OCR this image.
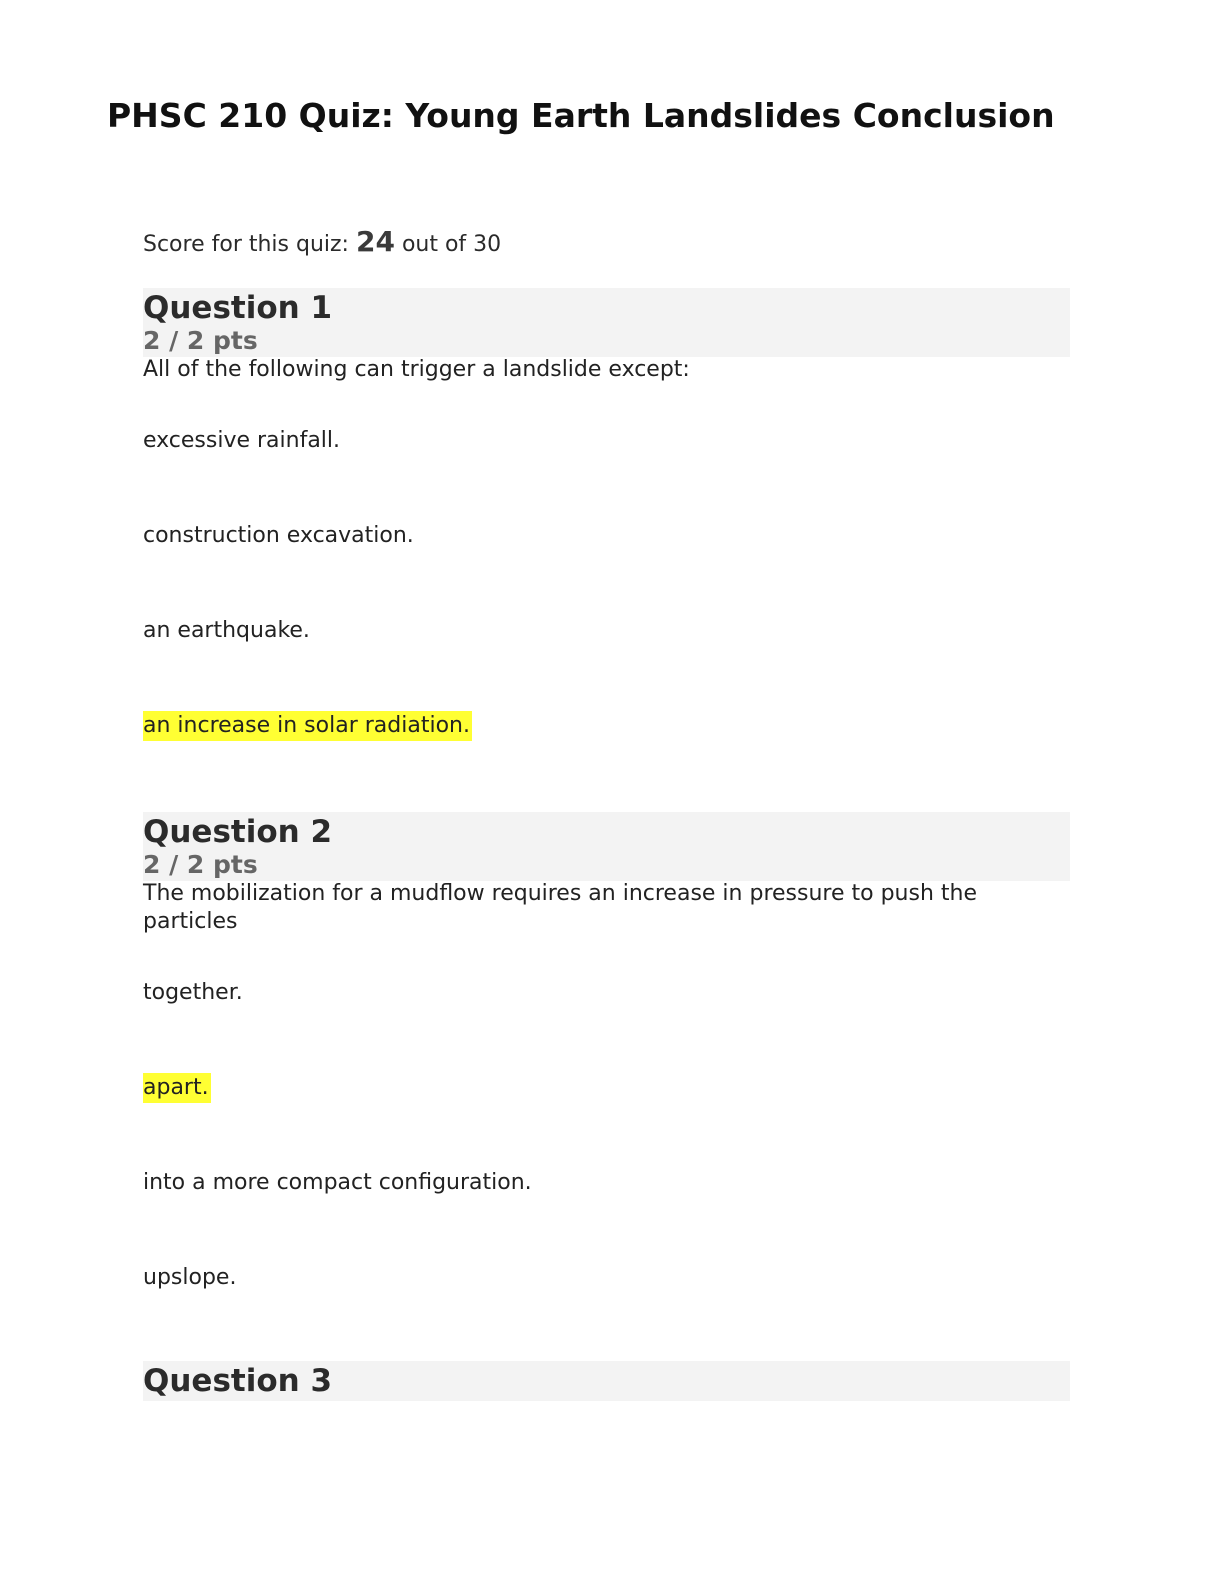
PHSC 210 Quiz: Young Earth Landslides Conclusion
Score for this quiz: 24 out of 30
Question 1
2 / 2 pts
All of the following can trigger a landslide except:
excessive rainfall.
construction excavation.
an earthquake.
an increase in solar radiation.
Question 2
2 / 2 pts
The mobilization for a mudflow requires an increase in pressure to push the particles
together.
apart.
into a more compact configuration.
upslope.
Question 3
